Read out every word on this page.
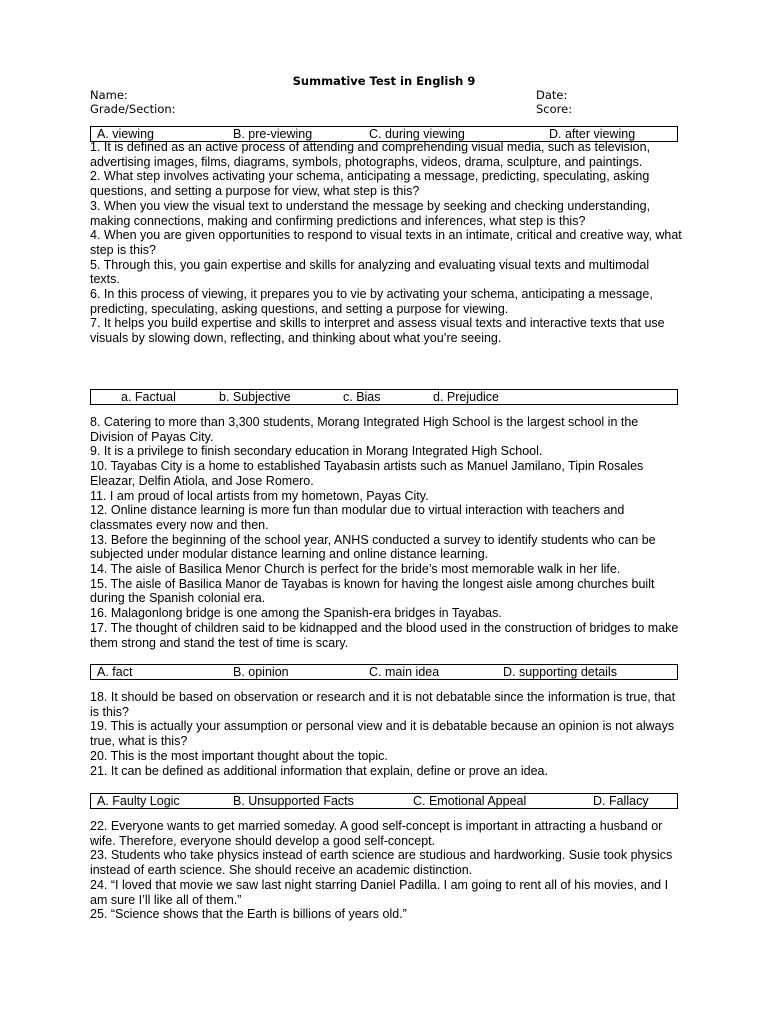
Summative Test in English 9
Name:	Date:
Grade/Section:	Score:
A. viewing	B. pre-viewing	C. during viewing	D. after viewing

1. It is defined as an active process of attending and comprehending visual media, such as television, advertising images, films, diagrams, symbols, photographs, videos, drama, sculpture, and paintings.

2. What step involves activating your schema, anticipating a message, predicting, speculating, asking questions, and setting a purpose for view, what step is this?

3. When you view the visual text to understand the message by seeking and checking understanding, making connections, making and confirming predictions and inferences, what step is this?

4. When you are given opportunities to respond to visual texts in an intimate, critical and creative way, what step is this?

5. Through this, you gain expertise and skills for analyzing and evaluating visual texts and multimodal texts.

6. In this process of viewing, it prepares you to vie by activating your schema, anticipating a message, predicting, speculating, asking questions, and setting a purpose for viewing.

7. It helps you build expertise and skills to interpret and assess visual texts and interactive texts that use visuals by slowing down, reflecting, and thinking about what you’re seeing.

a. Factual	b. Subjective	c. Bias	d. Prejudice

8. Catering to more than 3,300 students, Morang Integrated High School is the largest school in the Division of Payas City.

9. It is a privilege to finish secondary education in Morang Integrated High School.

10. Tayabas City is a home to established Tayabasin artists such as Manuel Jamilano, Tipin Rosales Eleazar, Delfin Atiola, and Jose Romero.

11. I am proud of local artists from my hometown, Payas City.

12. Online distance learning is more fun than modular due to virtual interaction with teachers and classmates every now and then.

13. Before the beginning of the school year, ANHS conducted a survey to identify students who can be subjected under modular distance learning and online distance learning.

14. The aisle of Basilica Menor Church is perfect for the bride’s most memorable walk in her life.

15. The aisle of Basilica Manor de Tayabas is known for having the longest aisle among churches built during the Spanish colonial era.

16. Malagonlong bridge is one among the Spanish-era bridges in Tayabas.

17. The thought of children said to be kidnapped and the blood used in the construction of bridges to make them strong and stand the test of time is scary.

A. fact	B. opinion	C. main idea	D. supporting details

18. It should be based on observation or research and it is not debatable since the information is true, that is this?

19. This is actually your assumption or personal view and it is debatable because an opinion is not always true, what is this?

20. This is the most important thought about the topic.

21. It can be defined as additional information that explain, define or prove an idea.

A. Faulty Logic	B. Unsupported Facts	C. Emotional Appeal	D. Fallacy

22. Everyone wants to get married someday. A good self-concept is important in attracting a husband or wife. Therefore, everyone should develop a good self-concept.

23. Students who take physics instead of earth science are studious and hardworking. Susie took physics instead of earth science. She should receive an academic distinction.

24. “I loved that movie we saw last night starring Daniel Padilla. I am going to rent all of his movies, and I am sure I’ll like all of them.”

25. “Science shows that the Earth is billions of years old.”
